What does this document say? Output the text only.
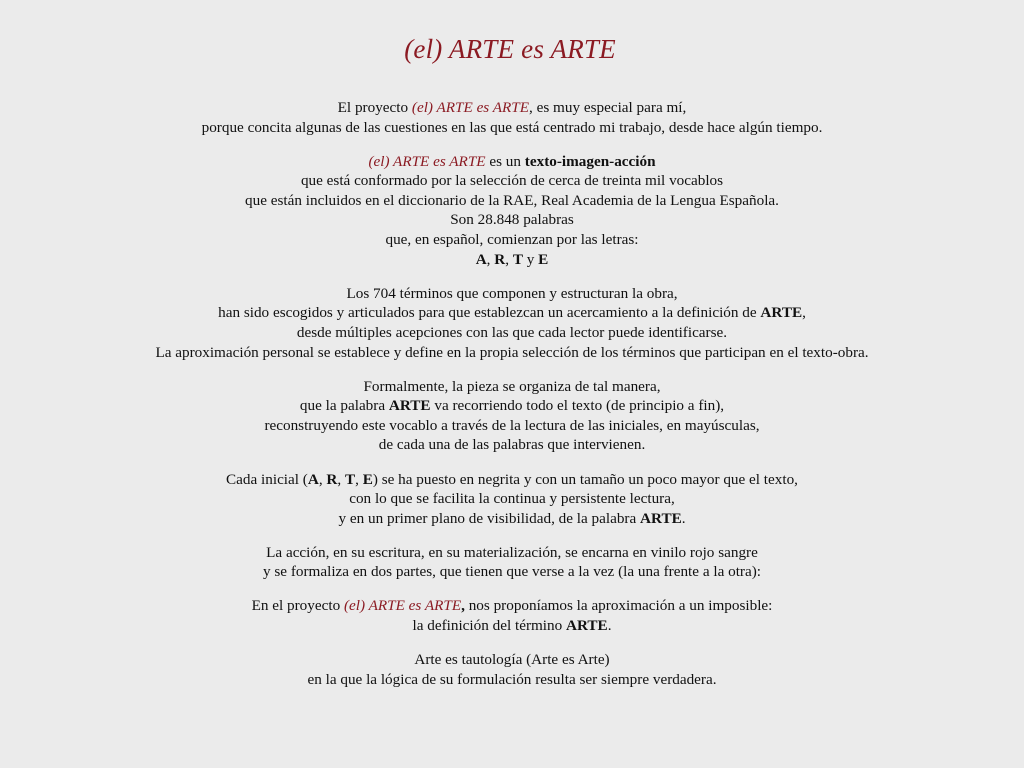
(el) ARTE es ARTE

El proyecto (el) ARTE es ARTE, es muy especial para mí,
porque concita algunas de las cuestiones en las que está centrado mi trabajo, desde hace algún tiempo.

(el) ARTE es ARTE es un texto-imagen-acción
que está conformado por la selección de cerca de treinta mil vocablos
que están incluidos en el diccionario de la RAE, Real Academia de la Lengua Española.
Son 28.848 palabras
que, en español, comienzan por las letras:
A, R, T y E

Los 704 términos que componen y estructuran la obra,
han sido escogidos y articulados para que establezcan un acercamiento a la definición de ARTE,
desde múltiples acepciones con las que cada lector puede identificarse.
La aproximación personal se establece y define en la propia selección de los términos que participan en el texto-obra.

Formalmente, la pieza se organiza de tal manera,
que la palabra ARTE va recorriendo todo el texto (de principio a fin),
reconstruyendo este vocablo a través de la lectura de las iniciales, en mayúsculas,
de cada una de las palabras que intervienen.

Cada inicial (A, R, T, E) se ha puesto en negrita y con un tamaño un poco mayor que el texto,
con lo que se facilita la continua y persistente lectura,
y en un primer plano de visibilidad, de la palabra ARTE.

La acción, en su escritura, en su materialización, se encarna en vinilo rojo sangre
y se formaliza en dos partes, que tienen que verse a la vez (la una frente a la otra):

En el proyecto (el) ARTE es ARTE, nos proponíamos la aproximación a un imposible:
la definición del término ARTE.

Arte es tautología (Arte es Arte)
en la que la lógica de su formulación resulta ser siempre verdadera.
